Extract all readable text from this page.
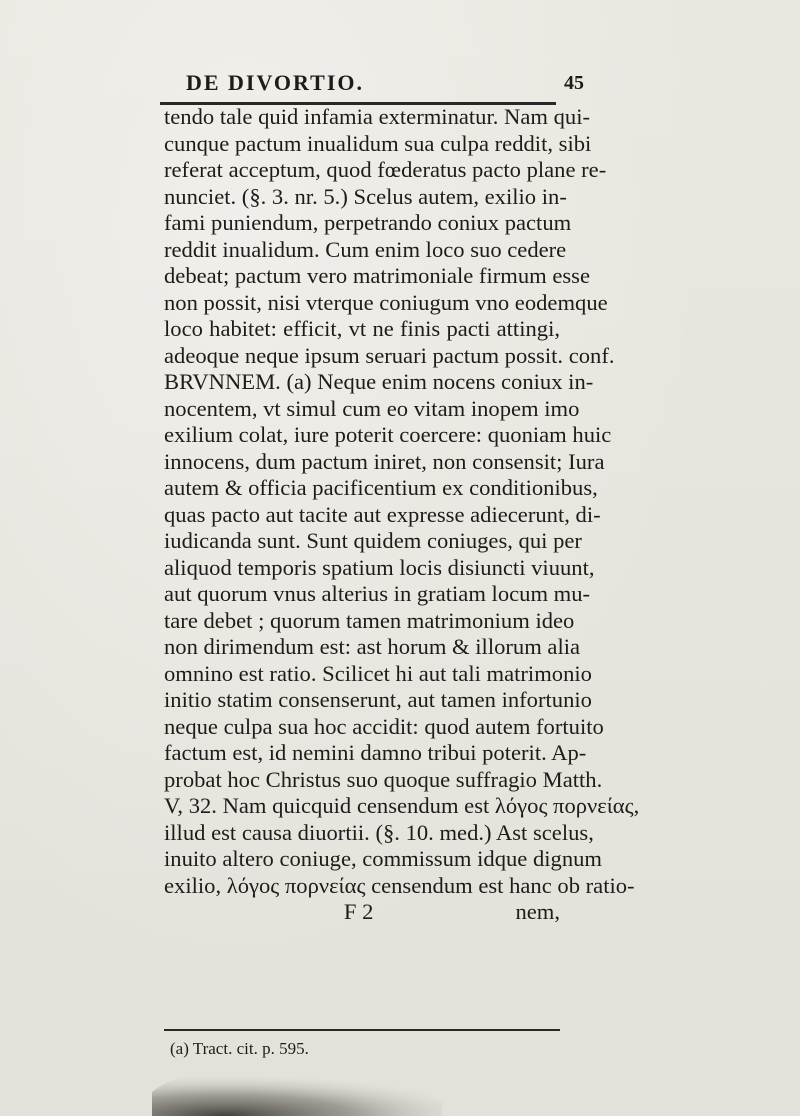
DE DIVORTIO.	45
tendo tale quid infamia exterminatur. Nam qui-
cunque pactum inualidum sua culpa reddit, sibi
referat acceptum, quod fœderatus pacto plane re-
nunciet. (§. 3. nr. 5.) Scelus autem, exilio in-
fami puniendum, perpetrando coniux pactum
reddit inualidum. Cum enim loco suo cedere
debeat; pactum vero matrimoniale firmum esse
non possit, nisi vterque coniugum vno eodemque
loco habitet: efficit, vt ne finis pacti attingi,
adeoque neque ipsum seruari pactum possit. conf.
BRVNNEM. (a) Neque enim nocens coniux in-
nocentem, vt simul cum eo vitam inopem imo
exilium colat, iure poterit coercere: quoniam huic
innocens, dum pactum iniret, non consensit; Iura
autem & officia pacificentium ex conditionibus,
quas pacto aut tacite aut expresse adiecerunt, di-
iudicanda sunt. Sunt quidem coniuges, qui per
aliquod temporis spatium locis disiuncti viuunt,
aut quorum vnus alterius in gratiam locum mu-
tare debet ; quorum tamen matrimonium ideo
non dirimendum est: ast horum & illorum alia
omnino est ratio. Scilicet hi aut tali matrimonio
initio statim consenserunt, aut tamen infortunio
neque culpa sua hoc accidit: quod autem fortuito
factum est, id nemini damno tribui poterit. Ap-
probat hoc Christus suo quoque suffragio Matth.
V, 32. Nam quicquid censendum est λόγος πορνείας,
illud est causa diuortii. (§. 10. med.) Ast scelus,
inuito altero coniuge, commissum idque dignum
exilio, λόγος πορνείας censendum est hanc ob ratio-
F 2	nem,
(a) Tract. cit. p. 595.
